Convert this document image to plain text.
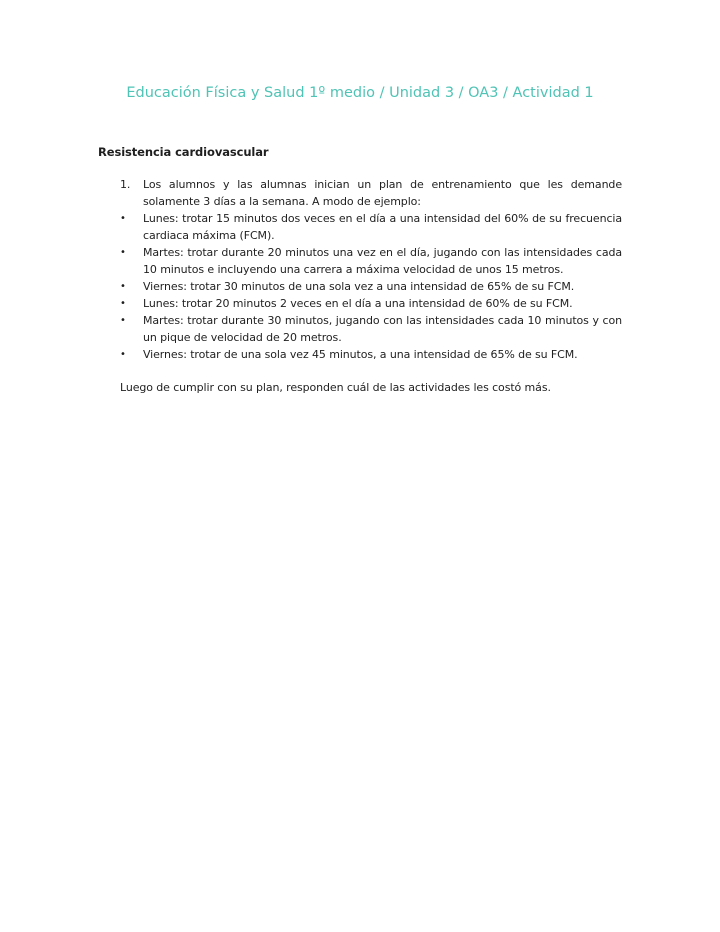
Educación Física y Salud 1º medio / Unidad 3 / OA3 / Actividad 1
Resistencia cardiovascular
1.	Los alumnos y las alumnas inician un plan de entrenamiento que les demande solamente 3 días a la semana. A modo de ejemplo:
•	Lunes: trotar 15 minutos dos veces en el día a una intensidad del 60% de su frecuencia cardiaca máxima (FCM).
•	Martes: trotar durante 20 minutos una vez en el día, jugando con las intensidades cada 10 minutos e incluyendo una carrera a máxima velocidad de unos 15 metros.
•	Viernes: trotar 30 minutos de una sola vez a una intensidad de 65% de su FCM.
•	Lunes: trotar 20 minutos 2 veces en el día a una intensidad de 60% de su FCM.
•	Martes: trotar durante 30 minutos, jugando con las intensidades cada 10 minutos y con un pique de velocidad de 20 metros.
•	Viernes: trotar de una sola vez 45 minutos, a una intensidad de 65% de su FCM.
Luego de cumplir con su plan, responden cuál de las actividades les costó más.
